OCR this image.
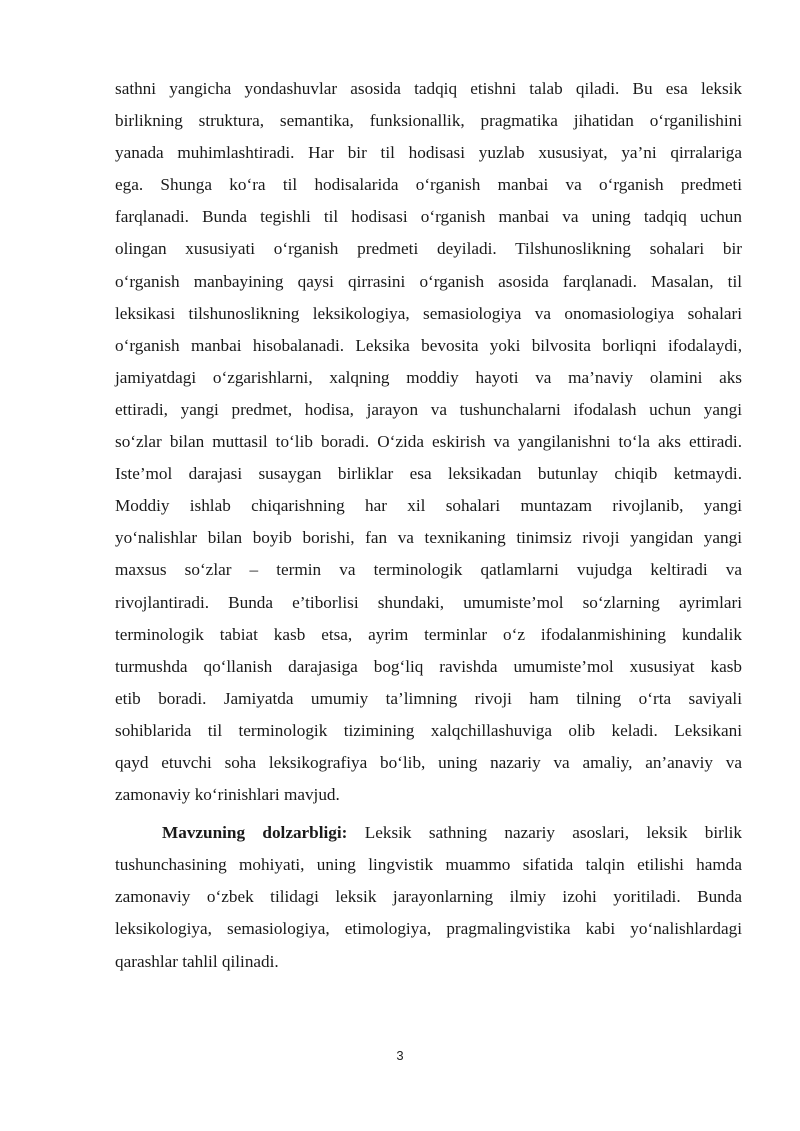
sathni yangicha yondashuvlar asosida tadqiq etishni talab qiladi. Bu esa leksik
birlikning struktura, semantika, funksionallik, pragmatika jihatidan o‘rganilishini
yanada muhimlashtiradi. Har bir til hodisasi yuzlab xususiyat, ya’ni qirralariga
ega. Shunga ko‘ra til hodisalarida o‘rganish manbai va o‘rganish predmeti
farqlanadi. Bunda tegishli til hodisasi o‘rganish manbai va uning tadqiq uchun
olingan xususiyati o‘rganish predmeti deyiladi. Tilshunoslikning sohalari bir
o‘rganish manbayining qaysi qirrasini o‘rganish asosida farqlanadi. Masalan, til
leksikasi tilshunoslikning leksikologiya, semasiologiya va onomasiologiya sohalari
o‘rganish manbai hisobalanadi. Leksika bevosita yoki bilvosita borliqni ifodalaydi,
jamiyatdagi o‘zgarishlarni, xalqning moddiy hayoti va ma’naviy olamini aks
ettiradi, yangi predmet, hodisa, jarayon va tushunchalarni ifodalash uchun yangi
so‘zlar bilan muttasil to‘lib boradi. O‘zida eskirish va yangilanishni to‘la aks ettiradi.
Iste’mol darajasi susaygan birliklar esa leksikadan butunlay chiqib ketmaydi.
Moddiy ishlab chiqarishning har xil sohalari muntazam rivojlanib, yangi
yo‘nalishlar bilan boyib borishi, fan va texnikaning tinimsiz rivoji yangidan yangi
maxsus so‘zlar – termin va terminologik qatlamlarni vujudga keltiradi va
rivojlantiradi. Bunda e’tiborlisi shundaki, umumiste’mol so‘zlarning ayrimlari
terminologik tabiat kasb etsa, ayrim terminlar o‘z ifodalanmishining kundalik
turmushda qo‘llanish darajasiga bog‘liq ravishda umumiste’mol xususiyat kasb
etib boradi. Jamiyatda umumiy ta’limning rivoji ham tilning o‘rta saviyali
sohiblarida til terminologik tizimining xalqchillashuviga olib keladi. Leksikani
qayd etuvchi soha leksikografiya bo‘lib, uning nazariy va amaliy, an’anaviy va
zamonaviy ko‘rinishlari mavjud.
Mavzuning dolzarbligi: Leksik sathning nazariy asoslari, leksik birlik
tushunchasining mohiyati, uning lingvistik muammo sifatida talqin etilishi hamda
zamonaviy o‘zbek tilidagi leksik jarayonlarning ilmiy izohi yoritiladi. Bunda
leksikologiya, semasiologiya, etimologiya, pragmalingvistika kabi yo‘nalishlardagi
qarashlar tahlil qilinadi.
3
